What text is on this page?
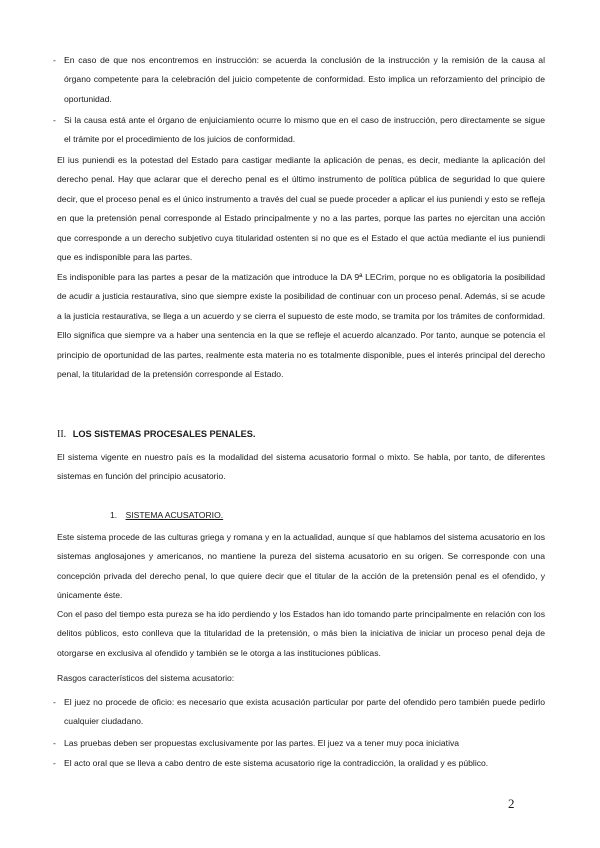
- En caso de que nos encontremos en instrucción: se acuerda la conclusión de la instrucción y la remisión de la causa al órgano competente para la celebración del juicio competente de conformidad. Esto implica un reforzamiento del principio de oportunidad.
- Si la causa está ante el órgano de enjuiciamiento ocurre lo mismo que en el caso de instrucción, pero directamente se sigue el trámite por el procedimiento de los juicios de conformidad.

El ius puniendi es la potestad del Estado para castigar mediante la aplicación de penas, es decir, mediante la aplicación del derecho penal. Hay que aclarar que el derecho penal es el último instrumento de política pública de seguridad lo que quiere decir, que el proceso penal es el único instrumento a través del cual se puede proceder a aplicar el ius puniendi y esto se refleja en que la pretensión penal corresponde al Estado principalmente y no a las partes, porque las partes no ejercitan una acción que corresponde a un derecho subjetivo cuya titularidad ostenten si no que es el Estado el que actúa mediante el ius puniendi que es indisponible para las partes.

Es indisponible para las partes a pesar de la matización que introduce la DA 9ª LECrim, porque no es obligatoria la posibilidad de acudir a justicia restaurativa, sino que siempre existe la posibilidad de continuar con un proceso penal. Además, si se acude a la justicia restaurativa, se llega a un acuerdo y se cierra el supuesto de este modo, se tramita por los trámites de conformidad. Ello significa que siempre va a haber una sentencia en la que se refleje el acuerdo alcanzado. Por tanto, aunque se potencia el principio de oportunidad de las partes, realmente esta materia no es totalmente disponible, pues el interés principal del derecho penal, la titularidad de la pretensión corresponde al Estado.

II. LOS SISTEMAS PROCESALES PENALES.

El sistema vigente en nuestro país es la modalidad del sistema acusatorio formal o mixto. Se habla, por tanto, de diferentes sistemas en función del principio acusatorio.

1. SISTEMA ACUSATORIO.

Este sistema procede de las culturas griega y romana y en la actualidad, aunque sí que hablamos del sistema acusatorio en los sistemas anglosajones y americanos, no mantiene la pureza del sistema acusatorio en su origen. Se corresponde con una concepción privada del derecho penal, lo que quiere decir que el titular de la acción de la pretensión penal es el ofendido, y únicamente éste.

Con el paso del tiempo esta pureza se ha ido perdiendo y los Estados han ido tomando parte principalmente en relación con los delitos públicos, esto conlleva que la titularidad de la pretensión, o más bien la iniciativa de iniciar un proceso penal deja de otorgarse en exclusiva al ofendido y también se le otorga a las instituciones públicas.

Rasgos característicos del sistema acusatorio:

- El juez no procede de oficio: es necesario que exista acusación particular por parte del ofendido pero también puede pedirlo cualquier ciudadano.
- Las pruebas deben ser propuestas exclusivamente por las partes. El juez va a tener muy poca iniciativa
- El acto oral que se lleva a cabo dentro de este sistema acusatorio rige la contradicción, la oralidad y es público.
2
